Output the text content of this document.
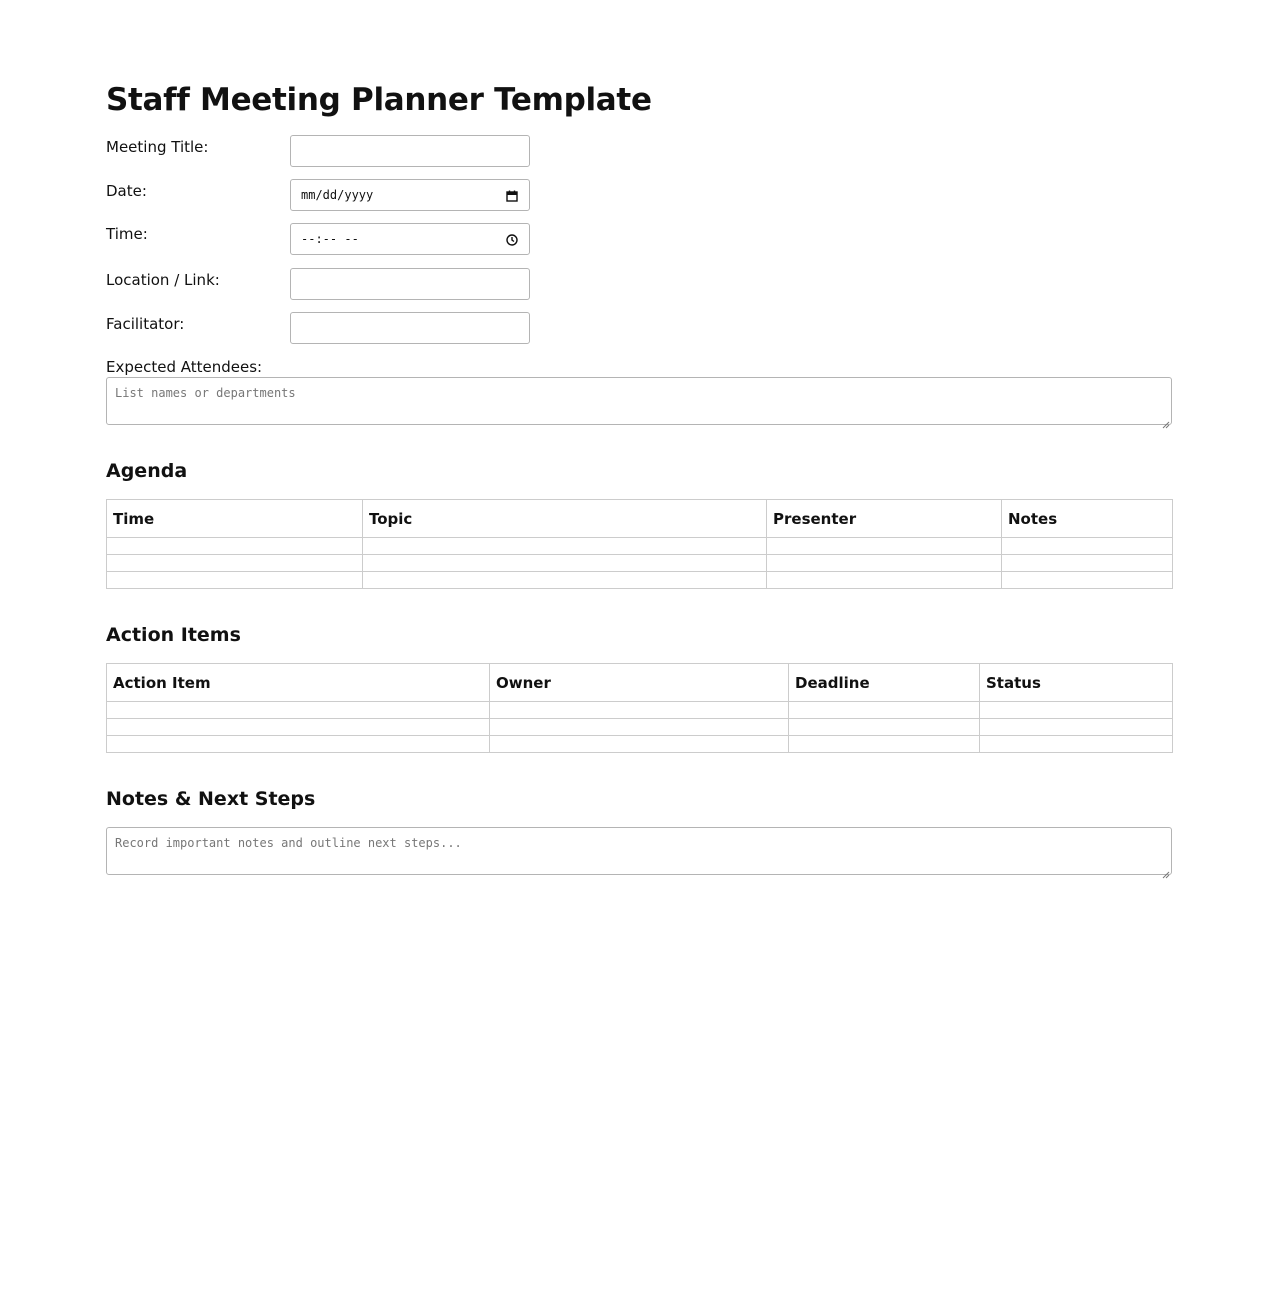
Staff Meeting Planner Template
Meeting Title:
Date:	mm/dd/yyyy
Time:	--:-- --
Location / Link:
Facilitator:
Expected Attendees:
List names or departments
Agenda
Time	Topic	Presenter	Notes

Action Items
Action Item	Owner	Deadline	Status

Notes & Next Steps
Record important notes and outline next steps...
